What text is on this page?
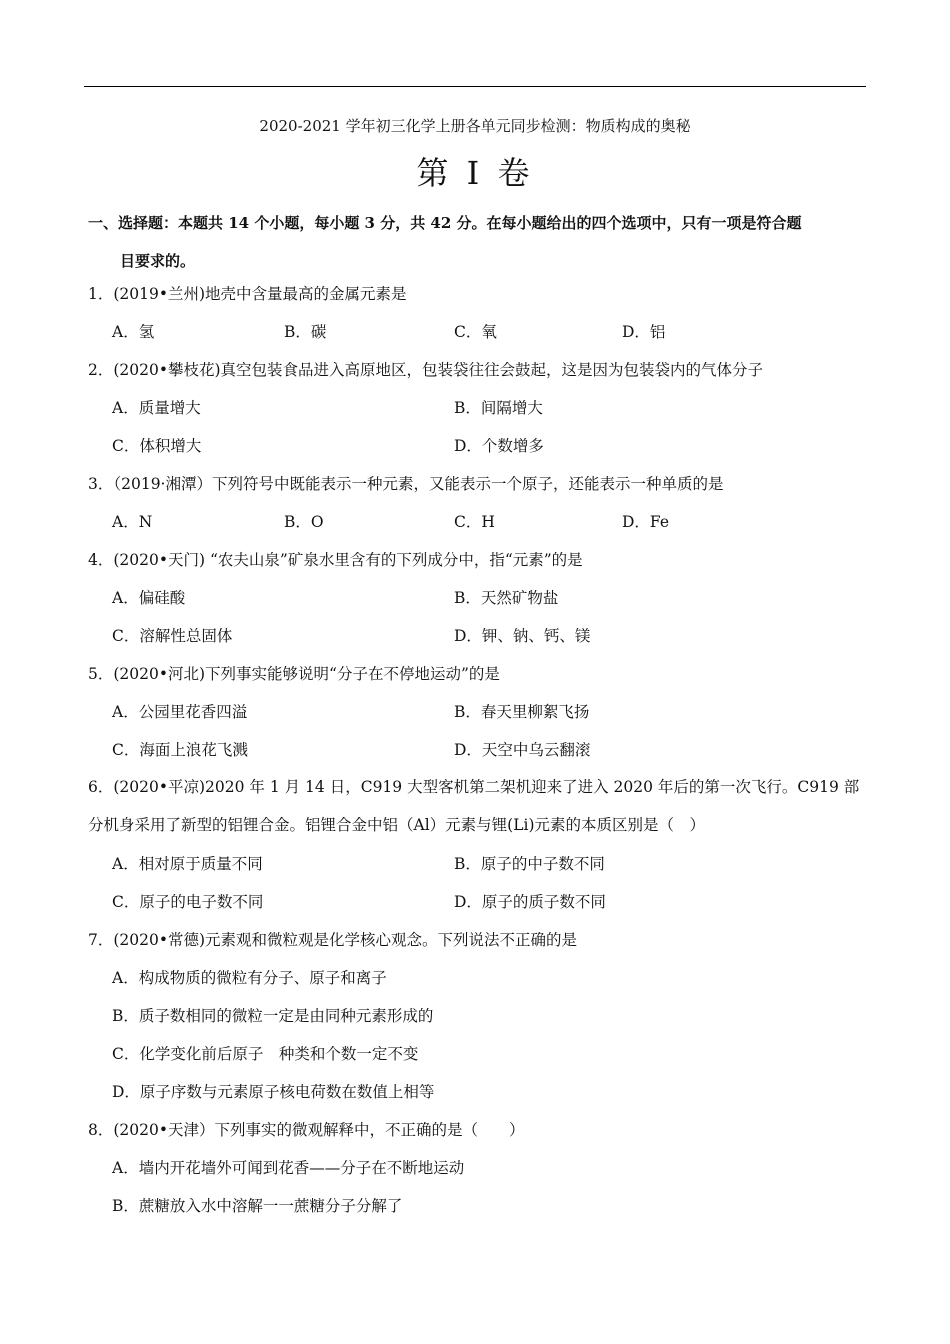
2020-2021 学年初三化学上册各单元同步检测：物质构成的奥秘
第 I 卷
一、选择题：本题共 14 个小题，每小题 3 分，共 42 分。在每小题给出的四个选项中，只有一项是符合题
目要求的。
1．(2019•兰州)地壳中含量最高的金属元素是
A．氢	B．碳	C．氧	D．铝
2．(2020•攀枝花)真空包装食品进入高原地区，包装袋往往会鼓起，这是因为包装袋内的气体分子
A．质量增大	B．间隔增大
C．体积增大	D．个数增多
3．（2019·湘潭）下列符号中既能表示一种元素，又能表示一个原子，还能表示一种单质的是
A．N	B．O	C．H	D．Fe
4．(2020•天门) “农夫山泉”矿泉水里含有的下列成分中，指“元素”的是
A．偏硅酸	B．天然矿物盐
C．溶解性总固体	D．钾、钠、钙、镁
5．(2020•河北)下列事实能够说明“分子在不停地运动”的是
A．公园里花香四溢	B．春天里柳絮飞扬
C．海面上浪花飞溅	D．天空中乌云翻滚
6．(2020•平凉)2020 年 1 月 14 日，C919 大型客机第二架机迎来了进入 2020 年后的第一次飞行。C919 部分机身采用了新型的铝锂合金。铝锂合金中铝（Al）元素与锂(Li)元素的本质区别是（　）
A．相对原于质量不同	B．原子的中子数不同
C．原子的电子数不同	D．原子的质子数不同
7．(2020•常德)元素观和微粒观是化学核心观念。下列说法不正确的是
A．构成物质的微粒有分子、原子和离子
B．质子数相同的微粒一定是由同种元素形成的
C．化学变化前后原子　种类和个数一定不变
D．原子序数与元素原子核电荷数在数值上相等
8．(2020•天津）下列事实的微观解释中，不正确的是（　　）
A．墙内开花墙外可闻到花香——分子在不断地运动
B．蔗糖放入水中溶解一一蔗糖分子分解了
